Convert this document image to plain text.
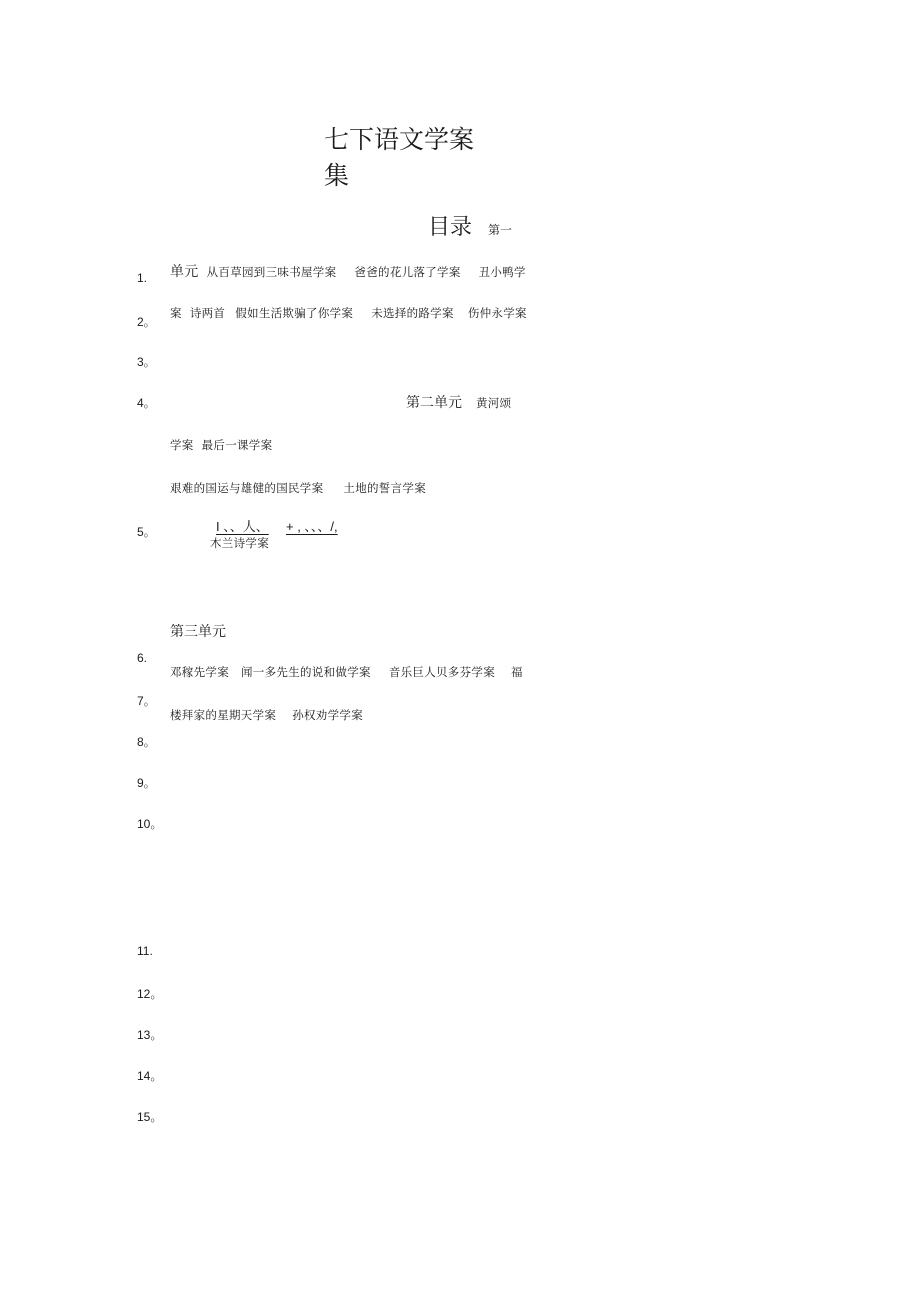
七下语文学案
集
目录 第一
单元 从百草园到三味书屋学案 爸爸的花儿落了学案 丑小鸭学
案 诗两首 假如生活欺骗了你学案 未选择的路学案 伤仲永学案
第二单元 黄河颂
学案 最后一课学案
艰难的国运与雄健的国民学案 土地的誓言学案
I 、、人、 + , 、、、/,
木兰诗学案
第三单元
邓稼先学案 闻一多先生的说和做学案 音乐巨人贝多芬学案 福
楼拜家的星期天学案 孙权劝学学案
1.
2。
3。
4。
5。
6.
7。
8。
9。
10。
11.
12。
13。
14。
15。
